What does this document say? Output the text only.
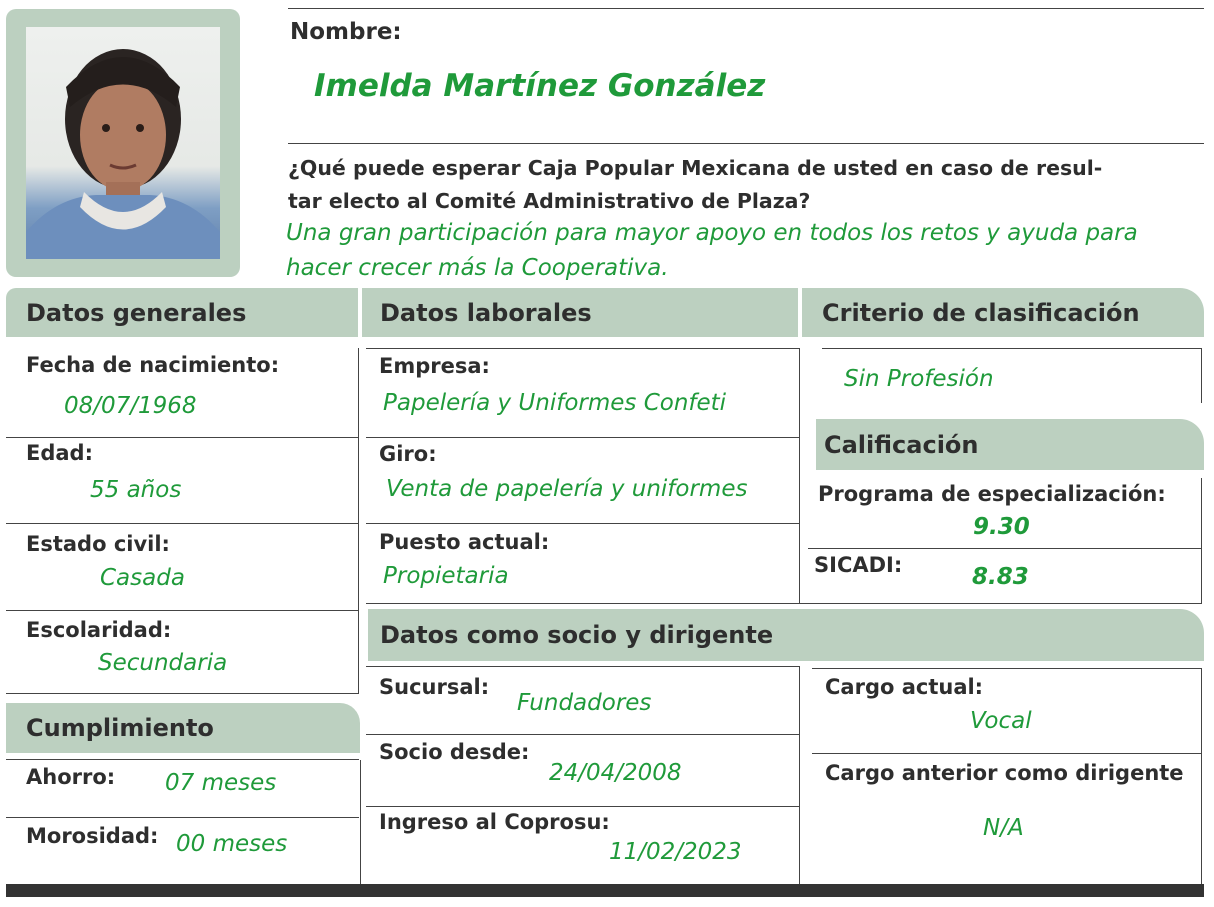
Nombre:
Imelda Martínez González
¿Qué puede esperar Caja Popular Mexicana de usted en caso de resul-
tar electo al Comité Administrativo de Plaza?
Una gran participación para mayor apoyo en todos los retos y ayuda para
hacer crecer más la Cooperativa.
Datos generales	Datos laborales	Criterio de clasificación
Fecha de nacimiento:
08/07/1968
Edad:
55 años
Estado civil:
Casada
Escolaridad:
Secundaria
Cumplimiento
Ahorro: 07 meses
Morosidad: 00 meses
Empresa:
Papelería y Uniformes Confeti
Giro:
Venta de papelería y uniformes
Puesto actual:
Propietaria
Sin Profesión
Calificación
Programa de especialización:
9.30
SICADI:	8.83
Datos como socio y dirigente
Sucursal:
Fundadores
Socio desde:
24/04/2008
Ingreso al Coprosu:
11/02/2023
Cargo actual:
Vocal
Cargo anterior como dirigente
N/A
